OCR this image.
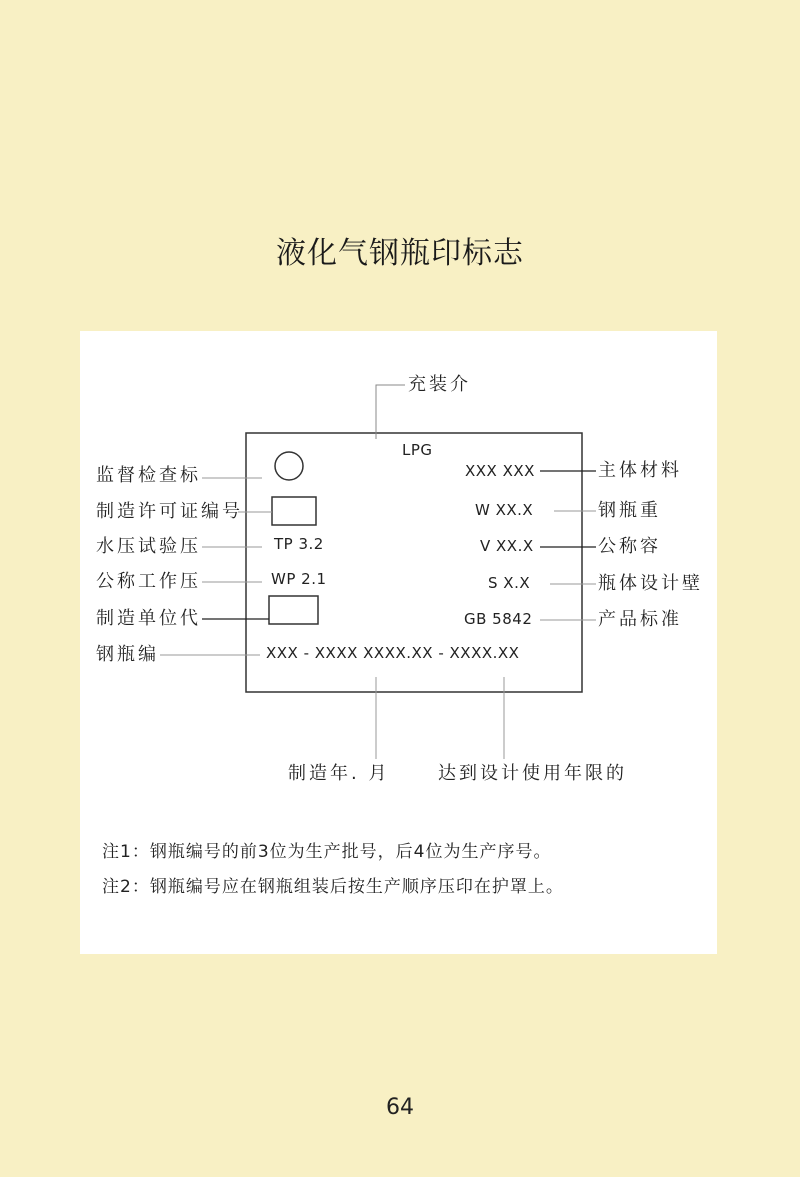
液化气钢瓶印标志
充装介
LPG
XXX XXX
W XX.X
TP 3.2	V XX.X
WP 2.1	S X.X
GB 5842
XXX - XXXX XXXX.XX - XXXX.XX
监督检查标
制造许可证编号
水压试验压
公称工作压
制造单位代
钢瓶编
主体材料
钢瓶重
公称容
瓶体设计壁
产品标准
制造年. 月	达到设计使用年限的
注1：钢瓶编号的前3位为生产批号，后4位为生产序号。
注2：钢瓶编号应在钢瓶组装后按生产顺序压印在护罩上。
64
